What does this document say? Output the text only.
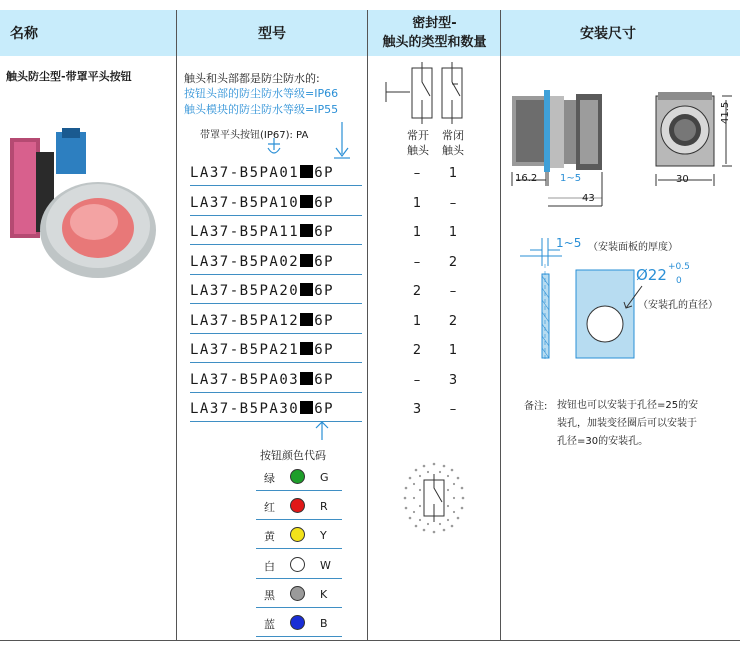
名称	型号
密封型-
触头的类型和数量
安装尺寸
触头防尘型-带罩平头按钮	触头和头部都是防尘防水的:
按钮头部的防尘防水等级=IP66
触头模块的防尘防水等级=IP55
带罩平头按钮(IP67): PA	常开
触头
常闭
触头
LA37-B5PA01 6P	– 1
LA37-B5PA10 6P	1 –
LA37-B5PA11 6P	1 1
LA37-B5PA02 6P	– 2
LA37-B5PA20 6P	2 –
LA37-B5PA12 6P	1 2
LA37-B5PA21 6P	2 1
LA37-B5PA03 6P	– 3
LA37-B5PA30 6P	3 –
按钮颜色代码
绿	G
红	R
黄	Y
白	W
黑	K
蓝	B
16.2 1~5
43
30
41.5
1~5 （安装面板的厚度）
Ø22 +0.5
0
（安装孔的直径）
备注: 按钮也可以安装于孔径=25的安
装孔，加装变径圈后可以安装于
孔径=30的安装孔。
